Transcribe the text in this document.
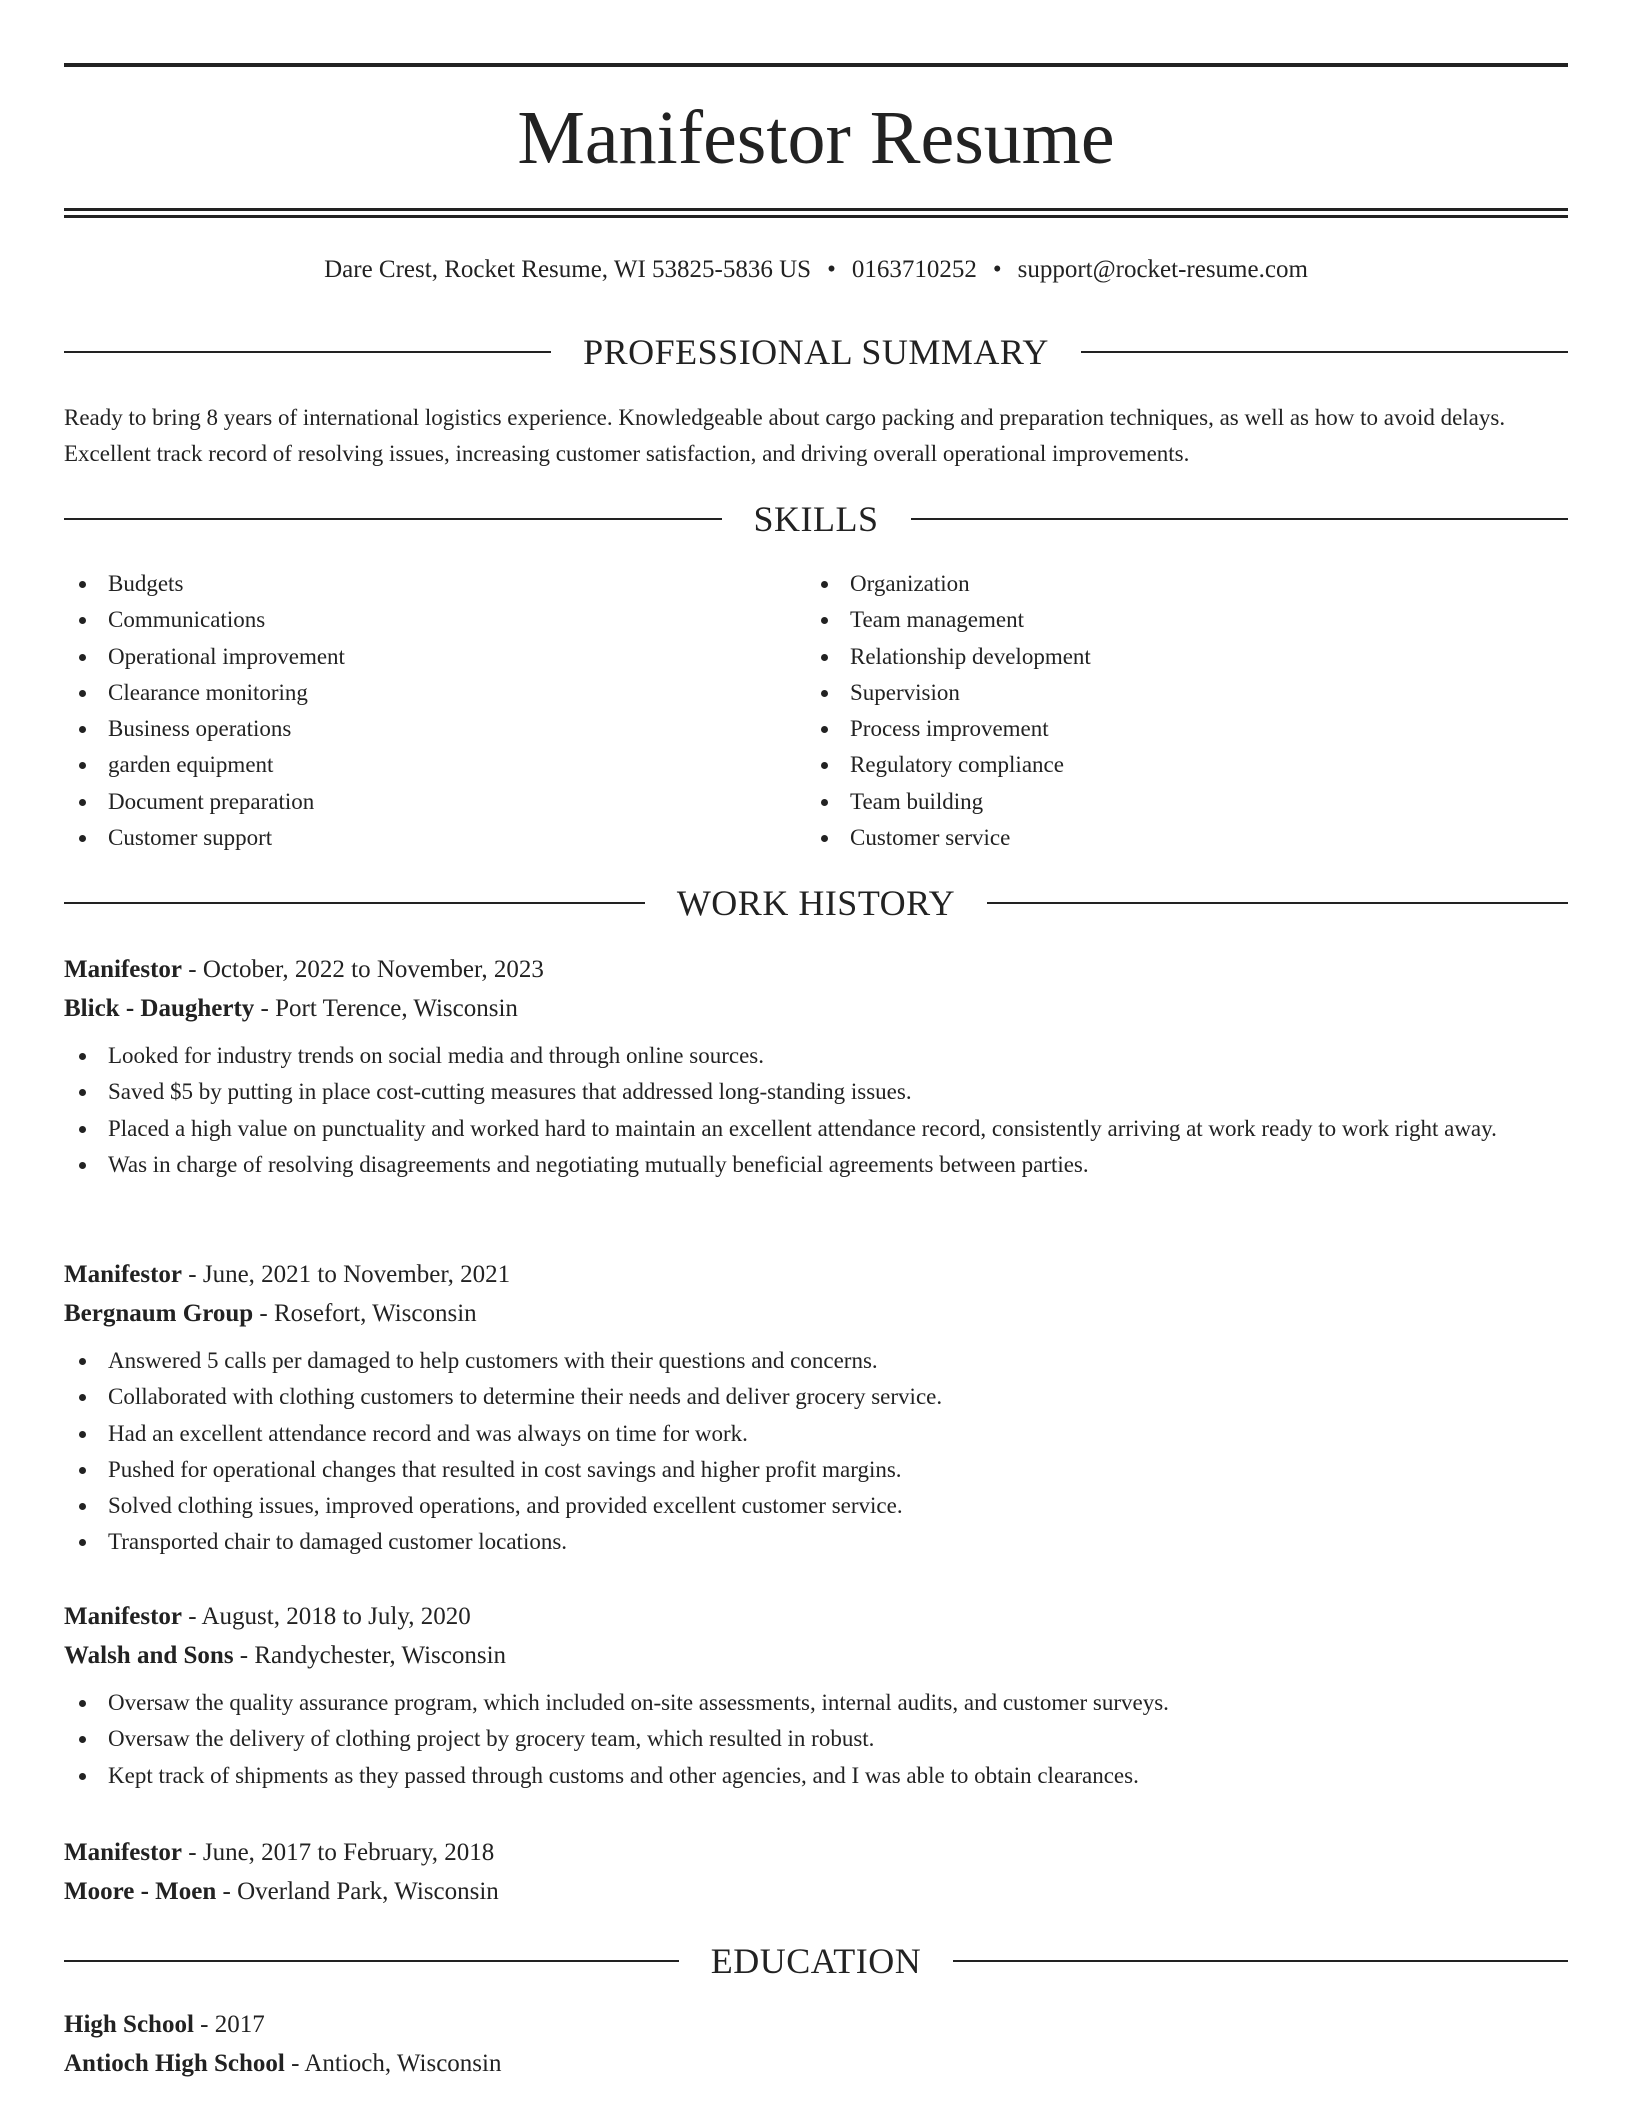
Manifestor Resume
Dare Crest, Rocket Resume, WI 53825-5836 US • 0163710252 • support@rocket-resume.com
PROFESSIONAL SUMMARY

Ready to bring 8 years of international logistics experience. Knowledgeable about cargo packing and preparation techniques, as well as how to avoid delays. Excellent track record of resolving issues, increasing customer satisfaction, and driving overall operational improvements.

SKILLS
Budgets
Communications
Operational improvement
Clearance monitoring
Business operations
garden equipment
Document preparation
Customer support
Organization
Team management
Relationship development
Supervision
Process improvement
Regulatory compliance
Team building
Customer service
WORK HISTORY
Manifestor - October, 2022 to November, 2023
Blick - Daugherty - Port Terence, Wisconsin
Looked for industry trends on social media and through online sources.
Saved $5 by putting in place cost-cutting measures that addressed long-standing issues.
Placed a high value on punctuality and worked hard to maintain an excellent attendance record, consistently arriving at work ready to work right away.
Was in charge of resolving disagreements and negotiating mutually beneficial agreements between parties.
Manifestor - June, 2021 to November, 2021
Bergnaum Group - Rosefort, Wisconsin
Answered 5 calls per damaged to help customers with their questions and concerns.
Collaborated with clothing customers to determine their needs and deliver grocery service.
Had an excellent attendance record and was always on time for work.
Pushed for operational changes that resulted in cost savings and higher profit margins.
Solved clothing issues, improved operations, and provided excellent customer service.
Transported chair to damaged customer locations.
Manifestor - August, 2018 to July, 2020
Walsh and Sons - Randychester, Wisconsin
Oversaw the quality assurance program, which included on-site assessments, internal audits, and customer surveys.
Oversaw the delivery of clothing project by grocery team, which resulted in robust.
Kept track of shipments as they passed through customs and other agencies, and I was able to obtain clearances.
Manifestor - June, 2017 to February, 2018
Moore - Moen - Overland Park, Wisconsin
EDUCATION
High School - 2017
Antioch High School - Antioch, Wisconsin
